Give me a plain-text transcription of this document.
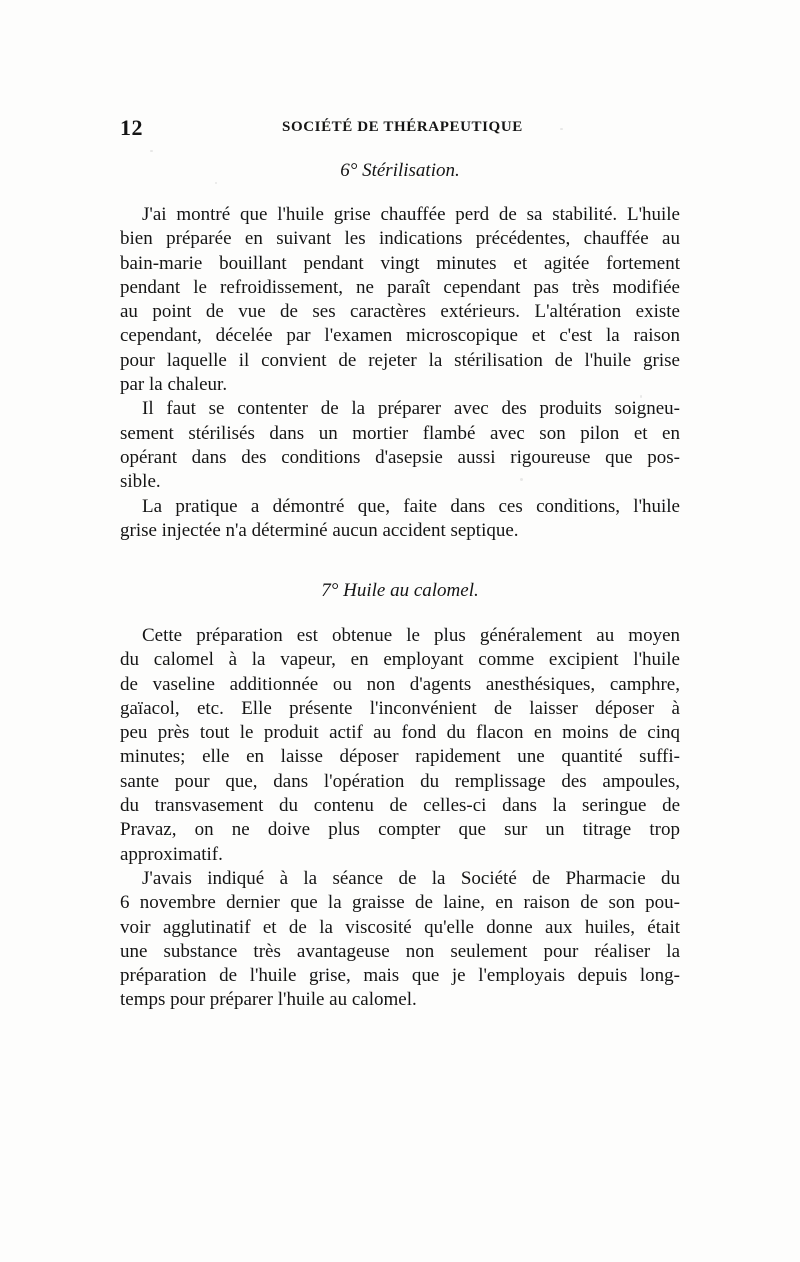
12	SOCIÉTÉ DE THÉRAPEUTIQUE
6° Stérilisation.
J'ai montré que l'huile grise chauffée perd de sa stabilité. L'huile
bien préparée en suivant les indications précédentes, chauffée au
bain-marie bouillant pendant vingt minutes et agitée fortement
pendant le refroidissement, ne paraît cependant pas très modifiée
au point de vue de ses caractères extérieurs. L'altération existe
cependant, décelée par l'examen microscopique et c'est la raison
pour laquelle il convient de rejeter la stérilisation de l'huile grise
par la chaleur.
Il faut se contenter de la préparer avec des produits soigneu-
sement stérilisés dans un mortier flambé avec son pilon et en
opérant dans des conditions d'asepsie aussi rigoureuse que pos-
sible.
La pratique a démontré que, faite dans ces conditions, l'huile
grise injectée n'a déterminé aucun accident septique.
7° Huile au calomel.
Cette préparation est obtenue le plus généralement au moyen
du calomel à la vapeur, en employant comme excipient l'huile
de vaseline additionnée ou non d'agents anesthésiques, camphre,
gaïacol, etc. Elle présente l'inconvénient de laisser déposer à
peu près tout le produit actif au fond du flacon en moins de cinq
minutes; elle en laisse déposer rapidement une quantité suffi-
sante pour que, dans l'opération du remplissage des ampoules,
du transvasement du contenu de celles-ci dans la seringue de
Pravaz, on ne doive plus compter que sur un titrage trop
approximatif.
J'avais indiqué à la séance de la Société de Pharmacie du
6 novembre dernier que la graisse de laine, en raison de son pou-
voir agglutinatif et de la viscosité qu'elle donne aux huiles, était
une substance très avantageuse non seulement pour réaliser la
préparation de l'huile grise, mais que je l'employais depuis long-
temps pour préparer l'huile au calomel.
